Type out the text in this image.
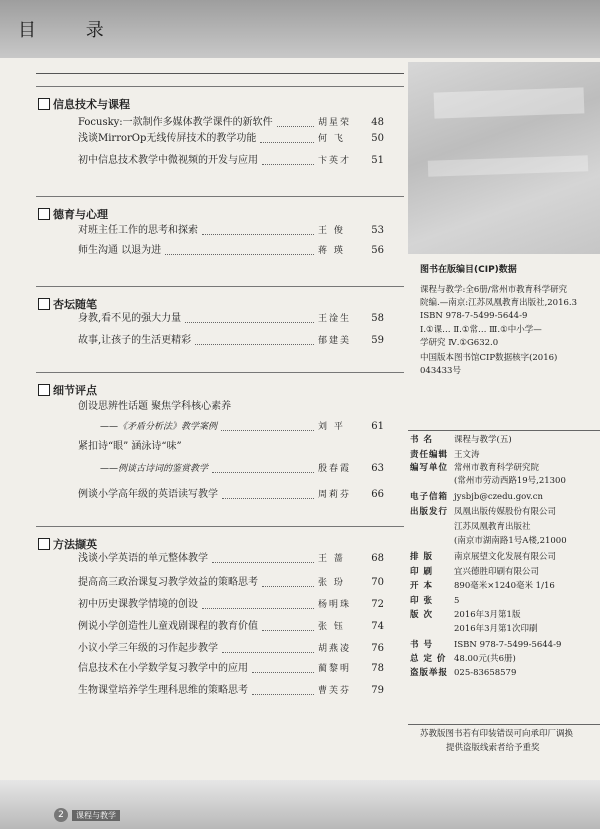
目 录
信息技术与课程
Focusky:一款制作多媒体教学课件的新软件	胡星荣	48
浅谈MirrorOp无线传屏技术的教学功能	何 飞	50
初中信息技术教学中微视频的开发与应用	卞英才	51
德育与心理
对班主任工作的思考和探索	王 俊	53
师生沟通 以退为进	蒋 瑛	56
杏坛随笔
身教,看不见的强大力量	王淦生	58
故事,让孩子的生活更精彩	郁建美	59
细节评点
创设思辨性话题 聚焦学科核心素养
——《矛盾分析法》教学案例	刘 平	61
紧扣诗“眼” 涵泳诗“味”
——例谈古诗词的鉴赏教学	殷春霞	63
例谈小学高年级的英语读写教学	周莉芬	66
方法撷英
浅谈小学英语的单元整体教学	王 蔷	68
提高高三政治课复习教学效益的策略思考	张 玢	70
初中历史课教学情境的创设	杨明珠	72
例说小学创造性儿童戏剧课程的教育价值	张 钰	74
小议小学三年级的习作起步教学	胡燕凌	76
信息技术在小学数学复习教学中的应用	蔺黎明	78
生物课堂培养学生理科思维的策略思考	曹芙芬	79
图书在版编目(CIP)数据
课程与教学:全6册/常州市教育科学研究
院编.—南京:江苏凤凰教育出版社,2016.3
ISBN 978-7-5499-5644-9
Ⅰ.①课… Ⅱ.①常… Ⅲ.①中小学—
学研究 Ⅳ.①G632.0
中国版本图书馆CIP数据核字(2016)
043433号
书 名	课程与教学(五)
责任编辑 王文涛
编写单位 常州市教育科学研究院
(常州市劳动西路19号,21300
电子信箱 jysbjb@czedu.gov.cn
出版发行 凤凰出版传媒股份有限公司
江苏凤凰教育出版社
(南京市湖南路1号A楼,21000
排 版	南京展望文化发展有限公司
印 刷	宜兴德胜印刷有限公司
开 本	890毫米×1240毫米 1/16
印 张	5
版 次	2016年3月第1版
2016年3月第1次印刷
书 号	ISBN 978-7-5499-5644-9
总 定 价 48.00元(共6册)
盗版举报 025-83658579
苏教版图书若有印装错误可向承印厂调换
提供盗版线索者给予重奖
2	课程与教学
